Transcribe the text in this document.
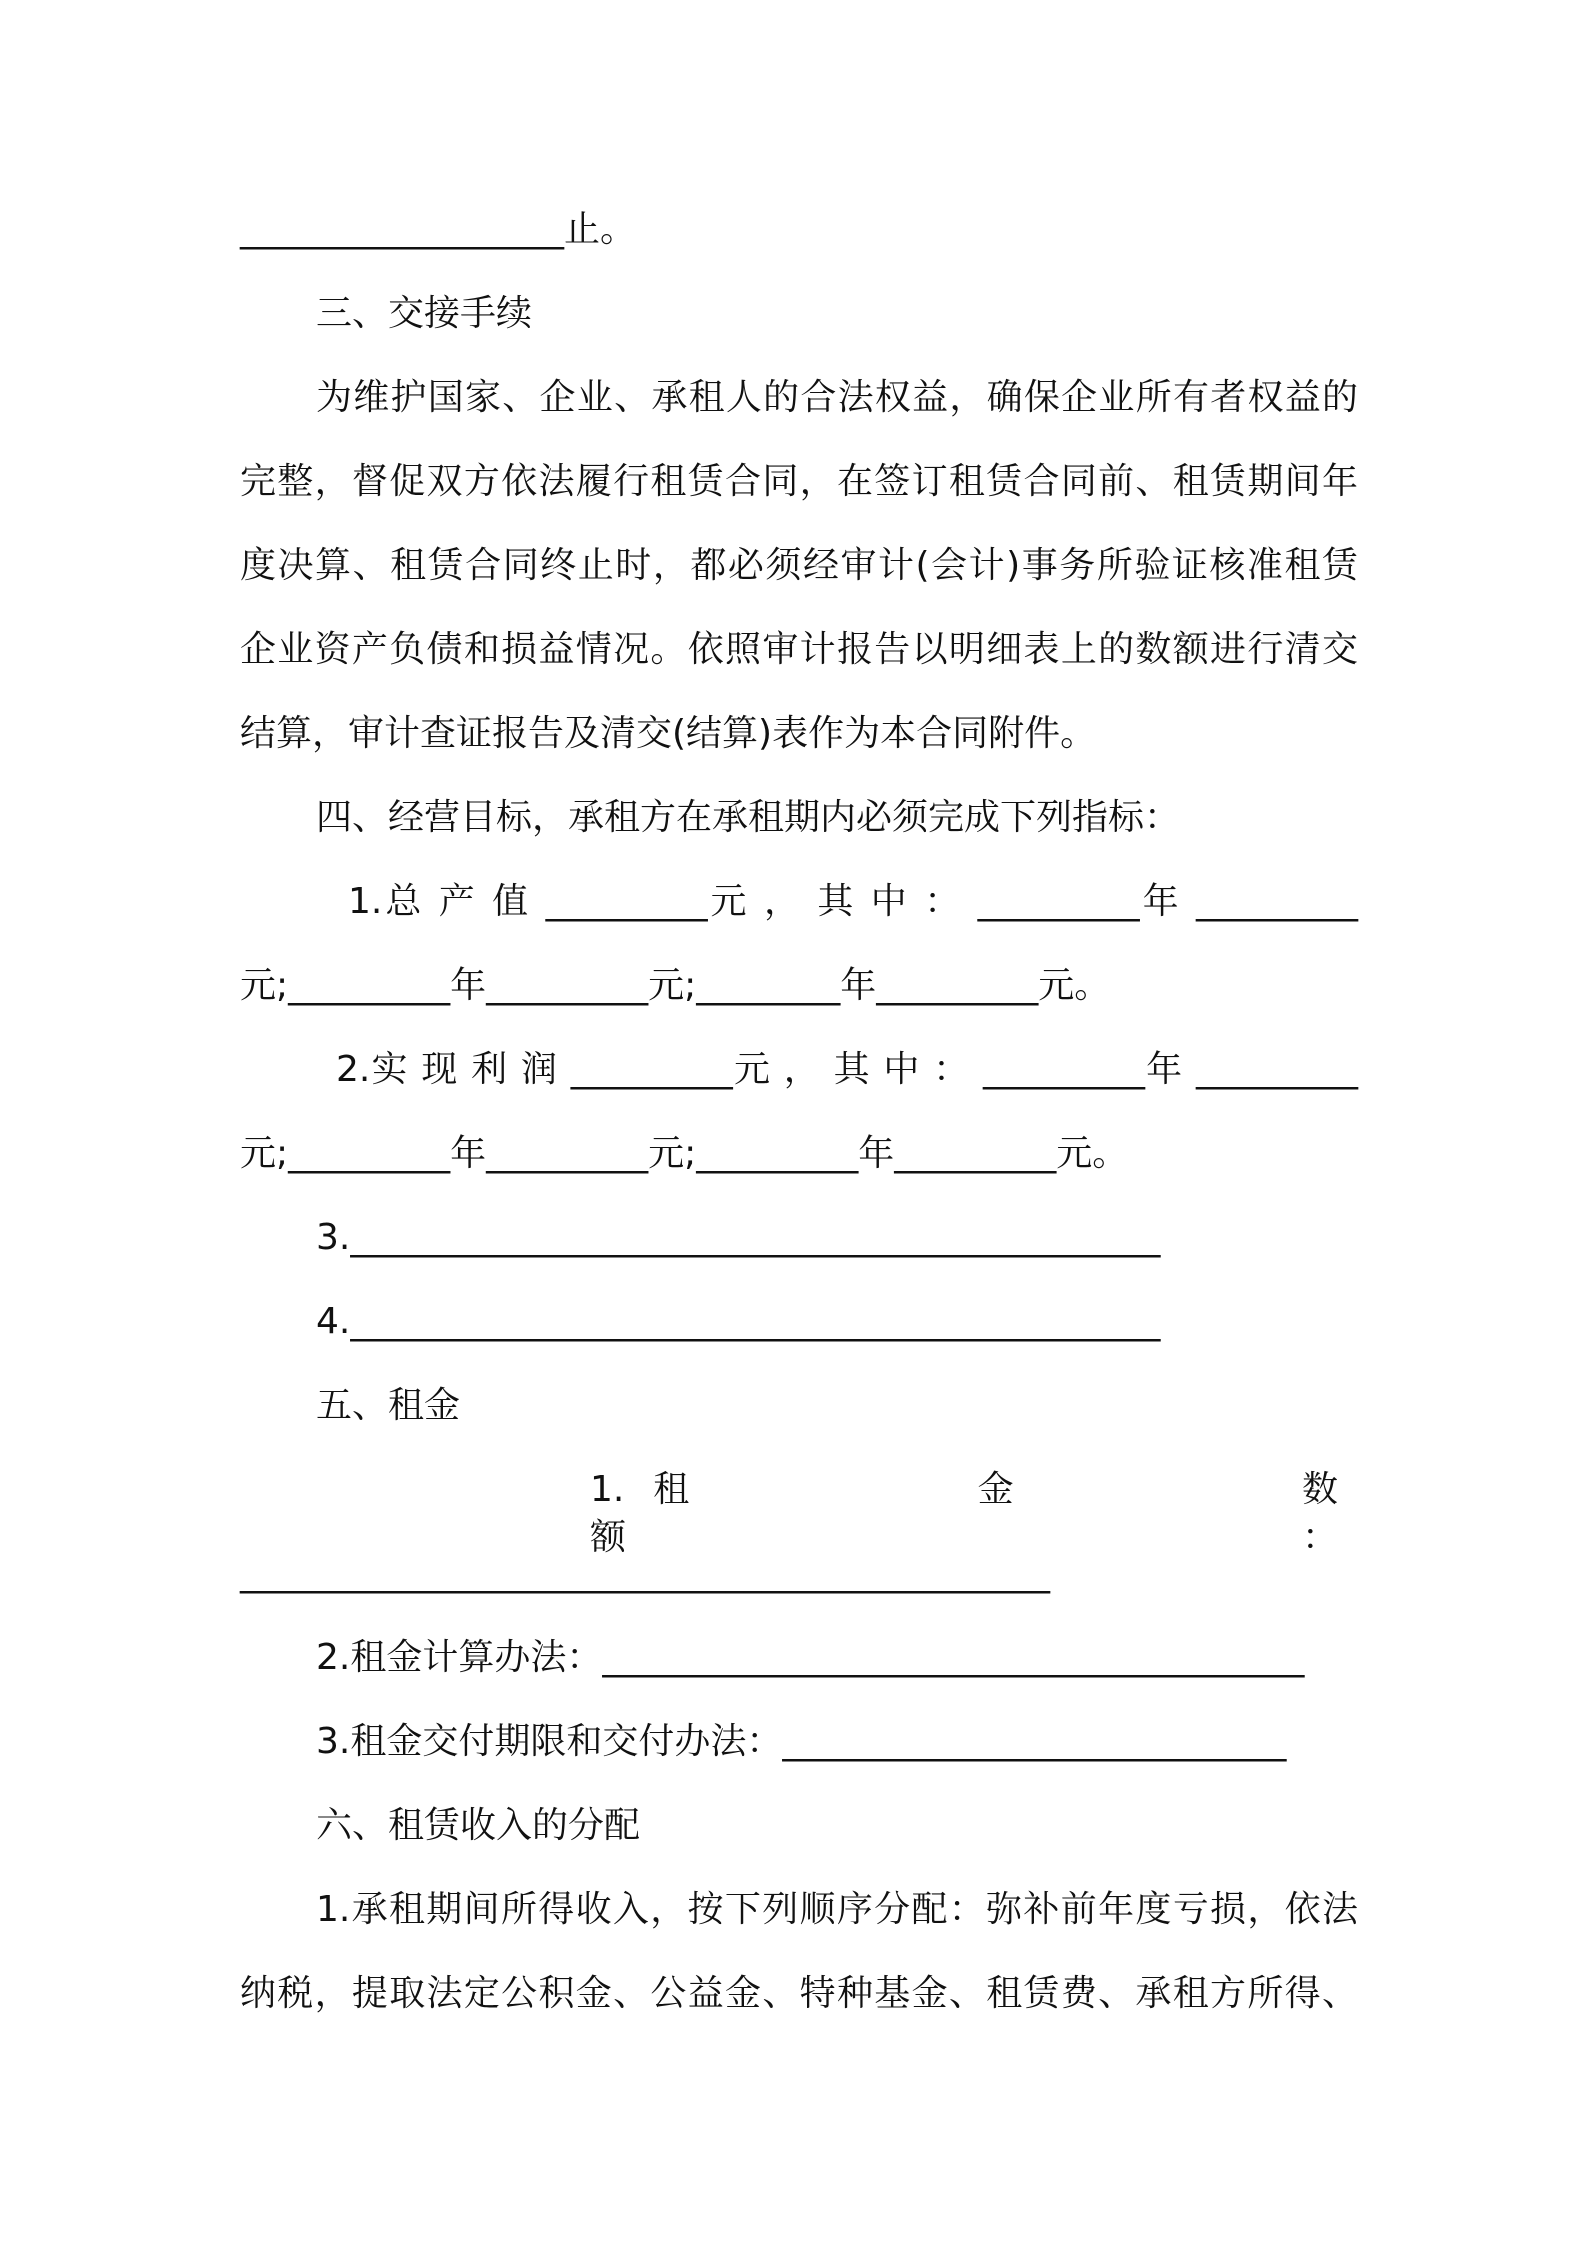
__________________止。
三、交接手续
为维护国家、企业、承租人的合法权益，确保企业所有者权益的
完整，督促双方依法履行租赁合同，在签订租赁合同前、租赁期间年
度决算、租赁合同终止时，都必须经审计(会计)事务所验证核准租赁
企业资产负债和损益情况。依照审计报告以明细表上的数额进行清交
结算，审计查证报告及清交(结算)表作为本合同附件。
四、经营目标，承租方在承租期内必须完成下列指标：
1.总 产 值 _________元 ， 其 中 ： _________年 _________
元;_________年_________元;________年_________元。
2.实 现 利 润 _________元 ， 其 中 ： _________年 _________
元;_________年_________元;_________年_________元。
3._____________________________________________
4._____________________________________________
五、租金
1.租　　　　金　　　　数　　　　额　　　　：
_____________________________________________
2.租金计算办法：_______________________________________
3.租金交付期限和交付办法：____________________________
六、租赁收入的分配
1.承租期间所得收入，按下列顺序分配：弥补前年度亏损，依法
纳税，提取法定公积金、公益金、特种基金、租赁费、承租方所得、
